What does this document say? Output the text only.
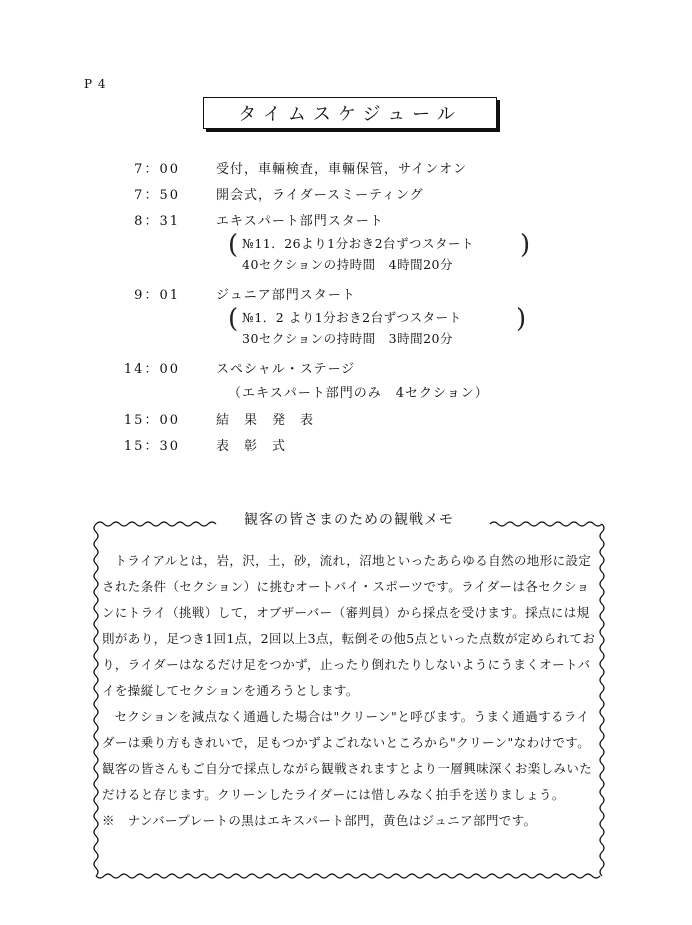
P 4
タイムスケジュール
7：00	受付，車輛検査，車輛保管，サインオン
7：50	開会式，ライダースミーティング
8：31	エキスパート部門スタート
( №11．26より1分おき2台ずつスタート
40セクションの持時間　4時間20分
)
9：01	ジュニア部門スタート
( №1．2 より1分おき2台ずつスタート
30セクションの持時間　3時間20分
)
14：00	スペシャル・ステージ
（エキスパート部門のみ　4セクション）
15：00	結　果　発　表
15：30	表　彰　式
観客の皆さまのための観戦メモ

トライアルとは，岩，沢，土，砂，流れ，沼地といったあらゆる自然の地形に設定された条件（セクション）に挑むオートバイ・スポーツです。ライダーは各セクションにトライ（挑戦）して，オブザーバー（審判員）から採点を受けます。採点には規則があり，足つき1回1点，2回以上3点，転倒その他5点といった点数が定められており，ライダーはなるだけ足をつかず，止ったり倒れたりしないようにうまくオートバイを操縦してセクションを通ろうとします。

セクションを減点なく通過した場合は"クリーン"と呼びます。うまく通過するライダーは乗り方もきれいで，足もつかずよごれないところから"クリーン"なわけです。観客の皆さんもご自分で採点しながら観戦されますとより一層興味深くお楽しみいただけると存じます。クリーンしたライダーには惜しみなく拍手を送りましょう。

※　ナンバープレートの黒はエキスパート部門，黄色はジュニア部門です。
